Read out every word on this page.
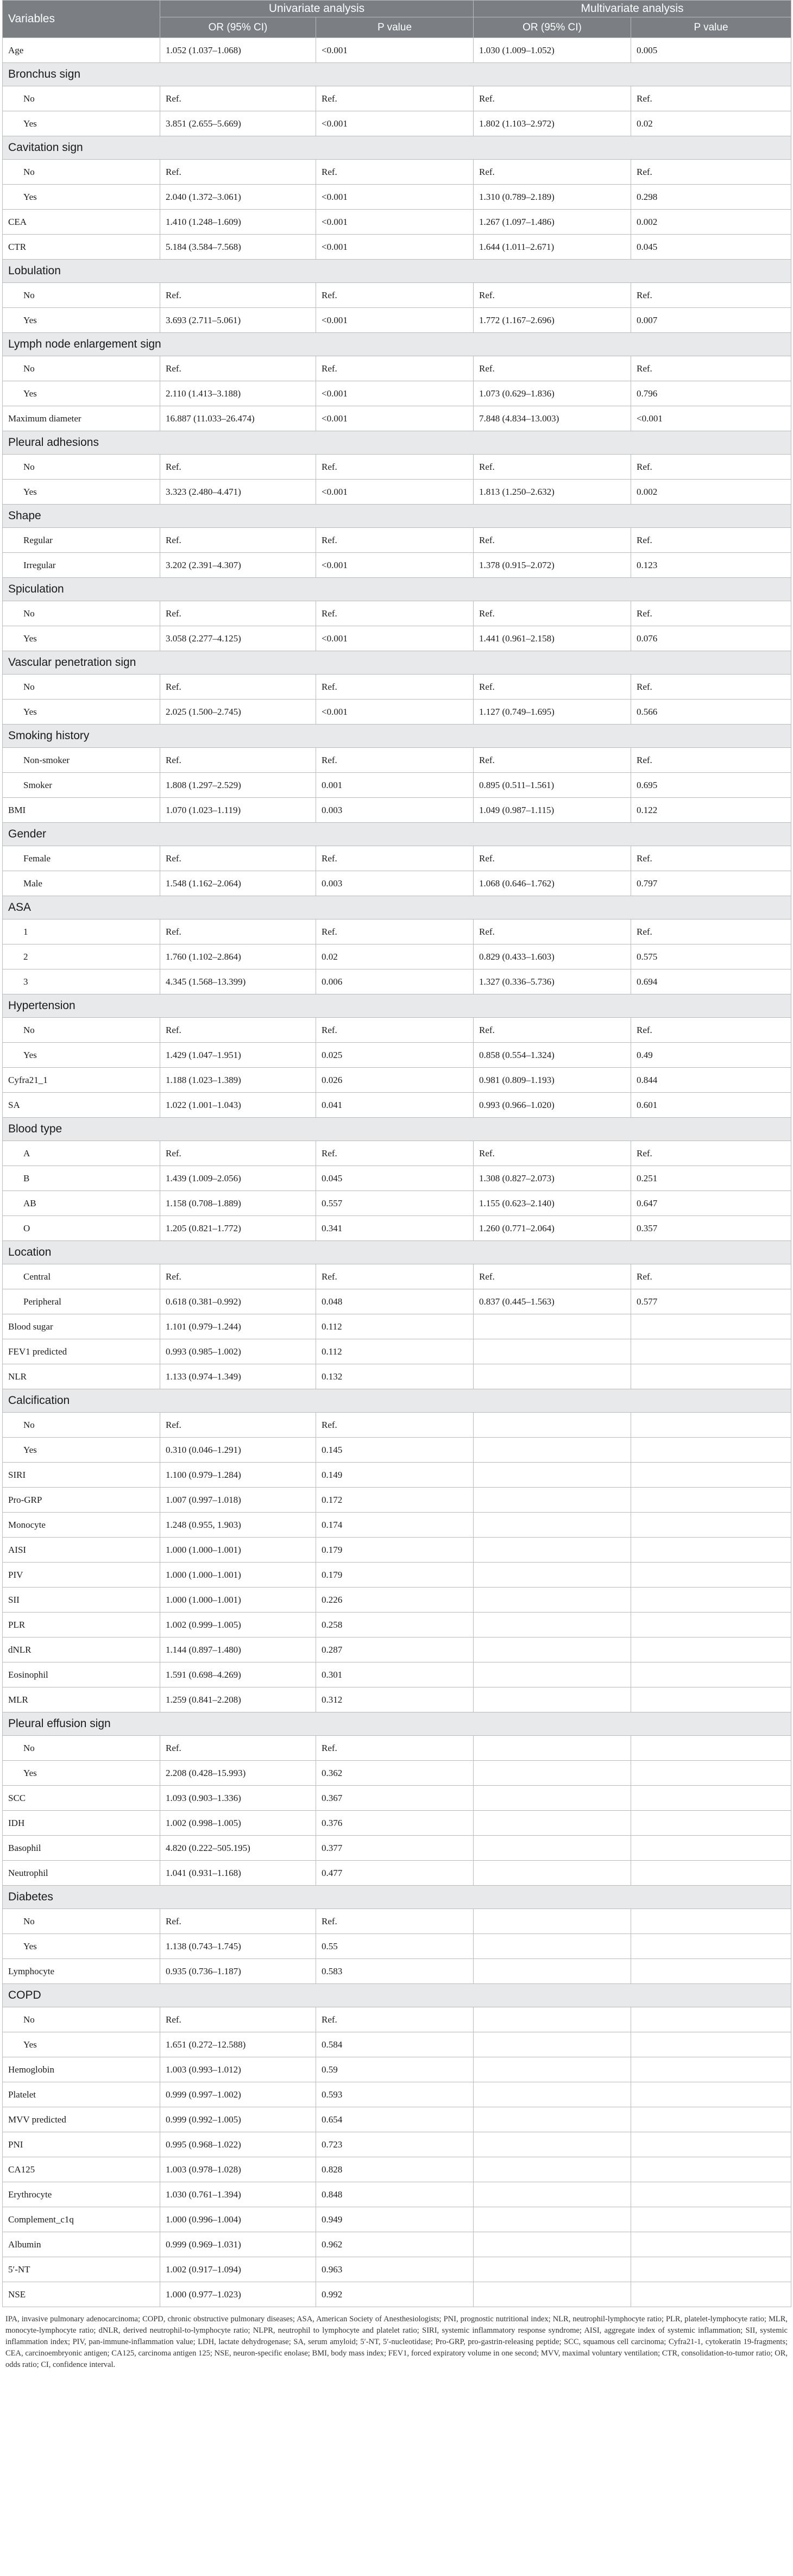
Variables	Univariate analysis		Multivariate analysis	
	OR (95% CI)	P value	OR (95% CI)	P value
Age	1.052 (1.037–1.068)	<0.001	1.030 (1.009–1.052)	0.005
Bronchus sign				
No	Ref.	Ref.	Ref.	Ref.
Yes	3.851 (2.655–5.669)	<0.001	1.802 (1.103–2.972)	0.02
Cavitation sign				
No	Ref.	Ref.	Ref.	Ref.
Yes	2.040 (1.372–3.061)	<0.001	1.310 (0.789–2.189)	0.298
CEA	1.410 (1.248–1.609)	<0.001	1.267 (1.097–1.486)	0.002
CTR	5.184 (3.584–7.568)	<0.001	1.644 (1.011–2.671)	0.045
Lobulation				
No	Ref.	Ref.	Ref.	Ref.
Yes	3.693 (2.711–5.061)	<0.001	1.772 (1.167–2.696)	0.007
Lymph node enlargement sign				
No	Ref.	Ref.	Ref.	Ref.
Yes	2.110 (1.413–3.188)	<0.001	1.073 (0.629–1.836)	0.796
Maximum diameter	16.887 (11.033–26.474)	<0.001	7.848 (4.834–13.003)	<0.001
Pleural adhesions				
No	Ref.	Ref.	Ref.	Ref.
Yes	3.323 (2.480–4.471)	<0.001	1.813 (1.250–2.632)	0.002
Shape				
Regular	Ref.	Ref.	Ref.	Ref.
Irregular	3.202 (2.391–4.307)	<0.001	1.378 (0.915–2.072)	0.123
Spiculation				
No	Ref.	Ref.	Ref.	Ref.
Yes	3.058 (2.277–4.125)	<0.001	1.441 (0.961–2.158)	0.076
Vascular penetration sign				
No	Ref.	Ref.	Ref.	Ref.
Yes	2.025 (1.500–2.745)	<0.001	1.127 (0.749–1.695)	0.566
Smoking history				
Non-smoker	Ref.	Ref.	Ref.	Ref.
Smoker	1.808 (1.297–2.529)	0.001	0.895 (0.511–1.561)	0.695
BMI	1.070 (1.023–1.119)	0.003	1.049 (0.987–1.115)	0.122
Gender				
Female	Ref.	Ref.	Ref.	Ref.
Male	1.548 (1.162–2.064)	0.003	1.068 (0.646–1.762)	0.797
ASA				
1	Ref.	Ref.	Ref.	Ref.
2	1.760 (1.102–2.864)	0.02	0.829 (0.433–1.603)	0.575
3	4.345 (1.568–13.399)	0.006	1.327 (0.336–5.736)	0.694
Hypertension				
No	Ref.	Ref.	Ref.	Ref.
Yes	1.429 (1.047–1.951)	0.025	0.858 (0.554–1.324)	0.49
Cyfra21_1	1.188 (1.023–1.389)	0.026	0.981 (0.809–1.193)	0.844
SA	1.022 (1.001–1.043)	0.041	0.993 (0.966–1.020)	0.601
Blood type				
A	Ref.	Ref.	Ref.	Ref.
B	1.439 (1.009–2.056)	0.045	1.308 (0.827–2.073)	0.251
AB	1.158 (0.708–1.889)	0.557	1.155 (0.623–2.140)	0.647
O	1.205 (0.821–1.772)	0.341	1.260 (0.771–2.064)	0.357
Location				
Central	Ref.	Ref.	Ref.	Ref.
Peripheral	0.618 (0.381–0.992)	0.048	0.837 (0.445–1.563)	0.577
Blood sugar	1.101 (0.979–1.244)	0.112		
FEV1 predicted	0.993 (0.985–1.002)	0.112		
NLR	1.133 (0.974–1.349)	0.132		
Calcification				
No	Ref.	Ref.		
Yes	0.310 (0.046–1.291)	0.145		
SIRI	1.100 (0.979–1.284)	0.149		
Pro-GRP	1.007 (0.997–1.018)	0.172		
Monocyte	1.248 (0.955, 1.903)	0.174		
AISI	1.000 (1.000–1.001)	0.179		
PIV	1.000 (1.000–1.001)	0.179		
SII	1.000 (1.000–1.001)	0.226		
PLR	1.002 (0.999–1.005)	0.258		
dNLR	1.144 (0.897–1.480)	0.287		
Eosinophil	1.591 (0.698–4.269)	0.301		
MLR	1.259 (0.841–2.208)	0.312		
Pleural effusion sign				
No	Ref.	Ref.		
Yes	2.208 (0.428–15.993)	0.362		
SCC	1.093 (0.903–1.336)	0.367		
IDH	1.002 (0.998–1.005)	0.376		
Basophil	4.820 (0.222–505.195)	0.377		
Neutrophil	1.041 (0.931–1.168)	0.477		
Diabetes				
No	Ref.	Ref.		
Yes	1.138 (0.743–1.745)	0.55		
Lymphocyte	0.935 (0.736–1.187)	0.583		
COPD				
No	Ref.	Ref.		
Yes	1.651 (0.272–12.588)	0.584		
Hemoglobin	1.003 (0.993–1.012)	0.59		
Platelet	0.999 (0.997–1.002)	0.593		
MVV predicted	0.999 (0.992–1.005)	0.654		
PNI	0.995 (0.968–1.022)	0.723		
CA125	1.003 (0.978–1.028)	0.828		
Erythrocyte	1.030 (0.761–1.394)	0.848		
Complement_c1q	1.000 (0.996–1.004)	0.949		
Albumin	0.999 (0.969–1.031)	0.962		
5′-NT	1.002 (0.917–1.094)	0.963		
NSE	1.000 (0.977–1.023)	0.992		
IPA, invasive pulmonary adenocarcinoma; COPD, chronic obstructive pulmonary diseases; ASA, American Society of Anesthesiologists; PNI, prognostic nutritional index; NLR, neutrophil-lymphocyte ratio; PLR, platelet-lymphocyte ratio; MLR, monocyte-lymphocyte ratio; dNLR, derived neutrophil-to-lymphocyte ratio; NLPR, neutrophil to lymphocyte and platelet ratio; SIRI, systemic inflammatory response syndrome; AISI, aggregate index of systemic inflammation; SII, systemic inflammation index; PIV, pan-immune-inflammation value; LDH, lactate dehydrogenase; SA, serum amyloid; 5′-NT, 5′-nucleotidase; Pro-GRP, pro-gastrin-releasing peptide; SCC, squamous cell carcinoma; Cyfra21-1, cytokeratin 19-fragments; CEA, carcinoembryonic antigen; CA125, carcinoma antigen 125; NSE, neuron-specific enolase; BMI, body mass index; FEV1, forced expiratory volume in one second; MVV, maximal voluntary ventilation; CTR, consolidation-to-tumor ratio; OR, odds ratio; CI, confidence interval.
